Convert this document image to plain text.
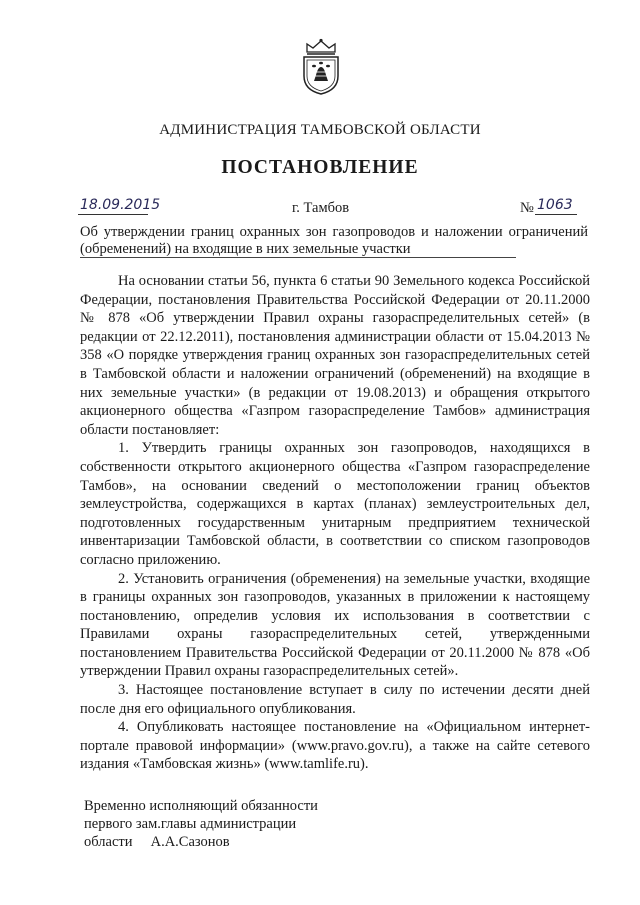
АДМИНИСТРАЦИЯ ТАМБОВСКОЙ ОБЛАСТИ
ПОСТАНОВЛЕНИЕ
18.09.2015	г. Тамбов	№ 1063
Об утверждении границ охранных зон газопроводов и наложении ограничений (обременений) на входящие в них земельные участки

На основании статьи 56, пункта 6 статьи 90 Земельного кодекса Российской Федерации, постановления Правительства Российской Федерации от 20.11.2000 № 878 «Об утверждении Правил охраны газораспределительных сетей» (в редакции от 22.12.2011), постановления администрации области от 15.04.2013 № 358 «О порядке утверждения границ охранных зон газораспределительных сетей в Тамбовской области и наложении ограничений (обременений) на входящие в них земельные участки» (в редакции от 19.08.2013) и обращения открытого акционерного общества «Газпром газораспределение Тамбов» администрация области постановляет:

1. Утвердить границы охранных зон газопроводов, находящихся в собственности открытого акционерного общества «Газпром газораспределение Тамбов», на основании сведений о местоположении границ объектов землеустройства, содержащихся в картах (планах) землеустроительных дел, подготовленных государственным унитарным предприятием технической инвентаризации Тамбовской области, в соответствии со списком газопроводов согласно приложению.

2. Установить ограничения (обременения) на земельные участки, входящие в границы охранных зон газопроводов, указанных в приложении к настоящему постановлению, определив условия их использования в соответствии с Правилами охраны газораспределительных сетей, утвержденными постановлением Правительства Российской Федерации от 20.11.2000 № 878 «Об утверждении Правил охраны газораспределительных сетей».

3. Настоящее постановление вступает в силу по истечении десяти дней после дня его официального опубликования.

4. Опубликовать настоящее постановление на «Официальном интернет-портале правовой информации» (www.pravo.gov.ru), а также на сайте сетевого издания «Тамбовская жизнь» (www.tamlife.ru).

Временно исполняющий обязанности
первого зам.главы администрации
области     А.А.Сазонов
